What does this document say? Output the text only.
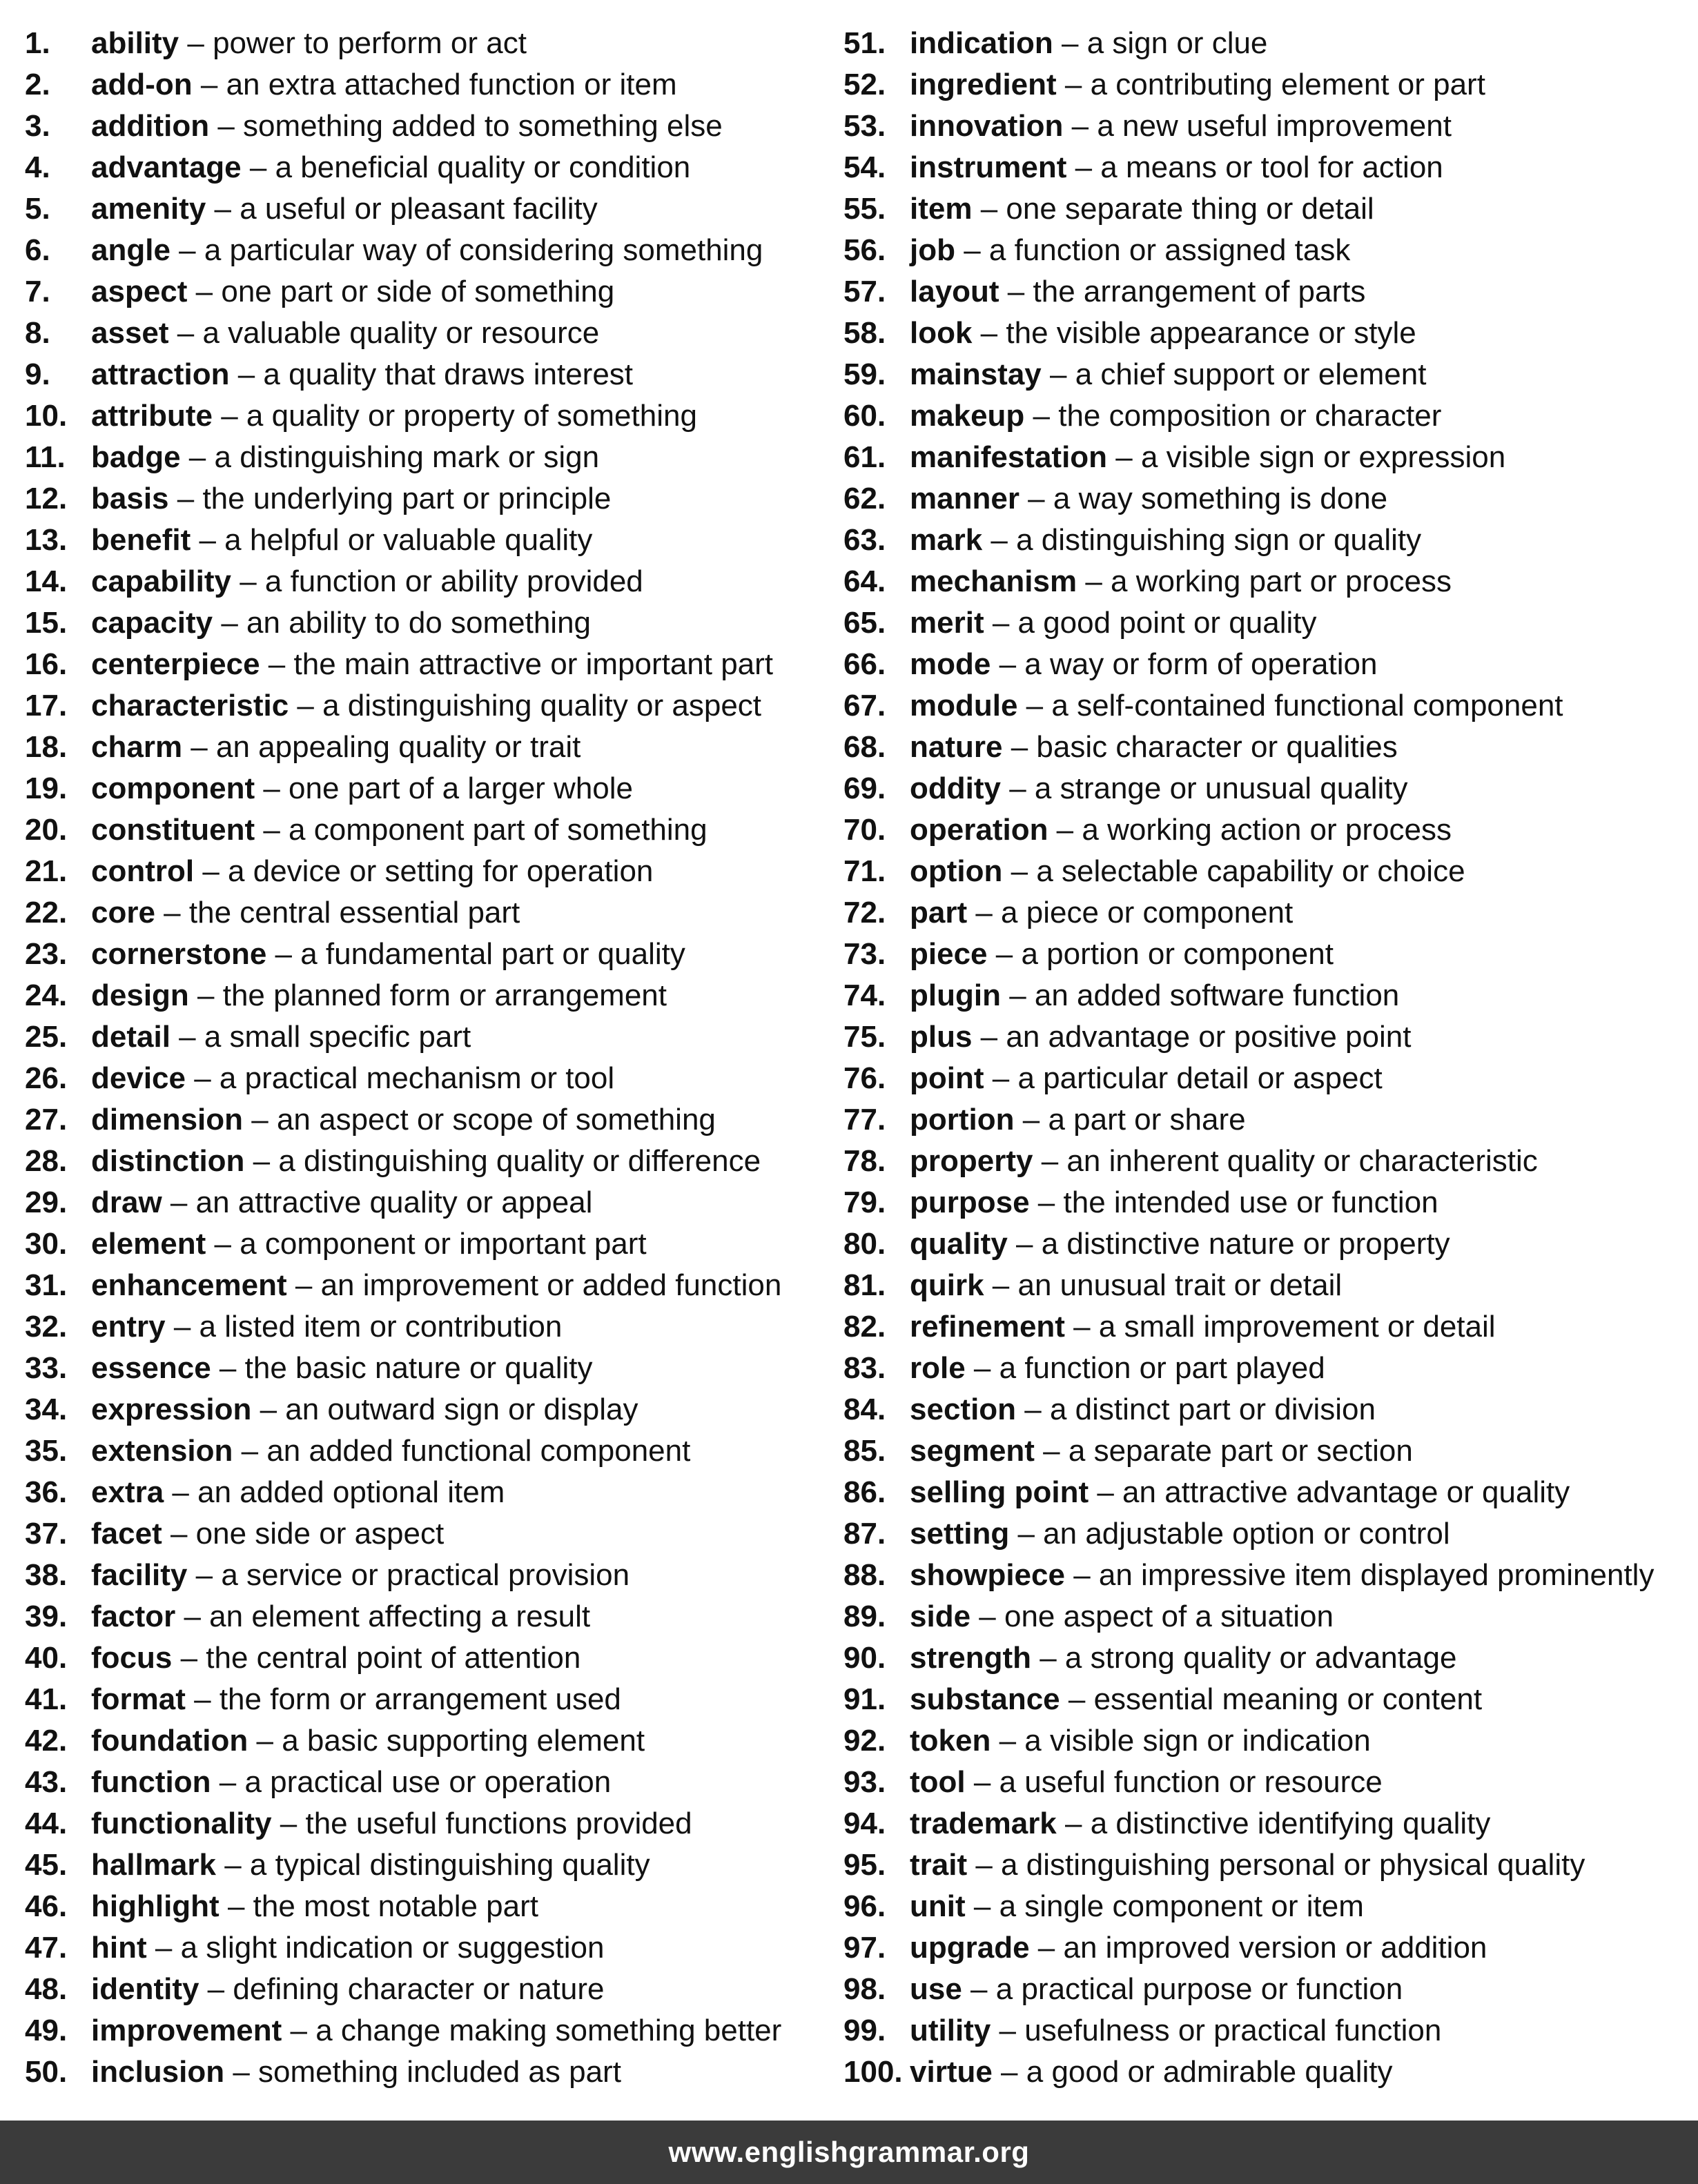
1.	ability – power to perform or act
2.	add-on – an extra attached function or item
3.	addition – something added to something else
4.	advantage – a beneficial quality or condition
5.	amenity – a useful or pleasant facility
6.	angle – a particular way of considering something
7.	aspect – one part or side of something
8.	asset – a valuable quality or resource
9.	attraction – a quality that draws interest
10. attribute – a quality or property of something
11. badge – a distinguishing mark or sign
12. basis – the underlying part or principle
13. benefit – a helpful or valuable quality
14. capability – a function or ability provided
15. capacity – an ability to do something
16. centerpiece – the main attractive or important part
17. characteristic – a distinguishing quality or aspect
18. charm – an appealing quality or trait
19. component – one part of a larger whole
20. constituent – a component part of something
21. control – a device or setting for operation
22. core – the central essential part
23. cornerstone – a fundamental part or quality
24. design – the planned form or arrangement
25. detail – a small specific part
26. device – a practical mechanism or tool
27. dimension – an aspect or scope of something
28. distinction – a distinguishing quality or difference
29. draw – an attractive quality or appeal
30. element – a component or important part
31. enhancement – an improvement or added function
32. entry – a listed item or contribution
33. essence – the basic nature or quality
34. expression – an outward sign or display
35. extension – an added functional component
36. extra – an added optional item
37. facet – one side or aspect
38. facility – a service or practical provision
39. factor – an element affecting a result
40. focus – the central point of attention
41. format – the form or arrangement used
42. foundation – a basic supporting element
43. function – a practical use or operation
44. functionality – the useful functions provided
45. hallmark – a typical distinguishing quality
46. highlight – the most notable part
47. hint – a slight indication or suggestion
48. identity – defining character or nature
49. improvement – a change making something better
50. inclusion – something included as part
51. indication – a sign or clue
52. ingredient – a contributing element or part
53. innovation – a new useful improvement
54. instrument – a means or tool for action
55. item – one separate thing or detail
56. job – a function or assigned task
57. layout – the arrangement of parts
58. look – the visible appearance or style
59. mainstay – a chief support or element
60. makeup – the composition or character
61. manifestation – a visible sign or expression
62. manner – a way something is done
63. mark – a distinguishing sign or quality
64. mechanism – a working part or process
65. merit – a good point or quality
66. mode – a way or form of operation
67. module – a self-contained functional component
68. nature – basic character or qualities
69. oddity – a strange or unusual quality
70. operation – a working action or process
71. option – a selectable capability or choice
72. part – a piece or component
73. piece – a portion or component
74. plugin – an added software function
75. plus – an advantage or positive point
76. point – a particular detail or aspect
77. portion – a part or share
78. property – an inherent quality or characteristic
79. purpose – the intended use or function
80. quality – a distinctive nature or property
81. quirk – an unusual trait or detail
82. refinement – a small improvement or detail
83. role – a function or part played
84. section – a distinct part or division
85. segment – a separate part or section
86. selling point – an attractive advantage or quality
87. setting – an adjustable option or control
88. showpiece – an impressive item displayed prominently
89. side – one aspect of a situation
90. strength – a strong quality or advantage
91. substance – essential meaning or content
92. token – a visible sign or indication
93. tool – a useful function or resource
94. trademark – a distinctive identifying quality
95. trait – a distinguishing personal or physical quality
96. unit – a single component or item
97. upgrade – an improved version or addition
98. use – a practical purpose or function
99. utility – usefulness or practical function
100. virtue – a good or admirable quality
www.englishgrammar.org
